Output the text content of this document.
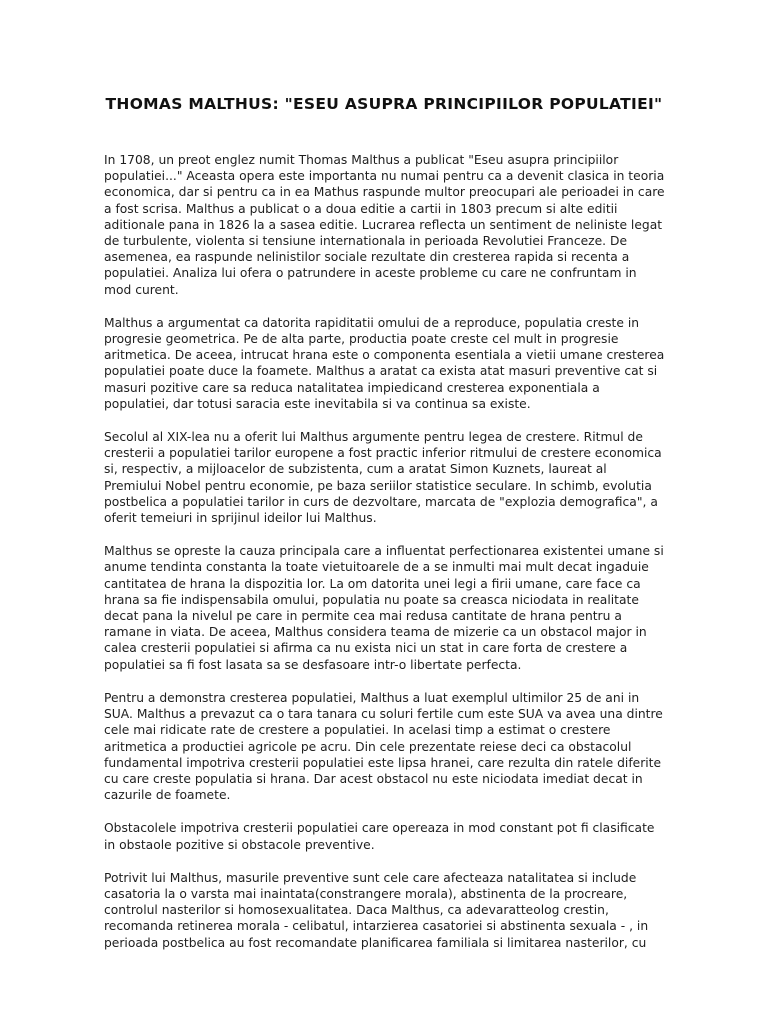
THOMAS MALTHUS: "ESEU ASUPRA PRINCIPIILOR POPULATIEI"

In 1708, un preot englez numit Thomas Malthus a publicat "Eseu asupra principiilor populatiei..." Aceasta opera este importanta nu numai pentru ca a devenit clasica in teoria economica, dar si pentru ca in ea Mathus raspunde multor preocupari ale perioadei in care a fost scrisa. Malthus a publicat o a doua editie a cartii in 1803 precum si alte editii aditionale pana in 1826 la a sasea editie. Lucrarea reflecta un sentiment de neliniste legat de turbulente, violenta si tensiune internationala in perioada Revolutiei Franceze. De asemenea, ea raspunde nelinistilor sociale rezultate din cresterea rapida si recenta a populatiei. Analiza lui ofera o patrundere in aceste probleme cu care ne confruntam in mod curent.

Malthus a argumentat ca datorita rapiditatii omului de a reproduce, populatia creste in progresie geometrica. Pe de alta parte, productia poate creste cel mult in progresie aritmetica. De aceea, intrucat hrana este o componenta esentiala a vietii umane cresterea populatiei poate duce la foamete. Malthus a aratat ca exista atat masuri preventive cat si masuri pozitive care sa reduca natalitatea impiedicand cresterea exponentiala a populatiei, dar totusi saracia este inevitabila si va continua sa existe.

Secolul al XIX-lea nu a oferit lui Malthus argumente pentru legea de crestere. Ritmul de cresterii a populatiei tarilor europene a fost practic inferior ritmului de crestere economica si, respectiv, a mijloacelor de subzistenta, cum a aratat Simon Kuznets, laureat al Premiului Nobel pentru economie, pe baza seriilor statistice seculare. In schimb, evolutia postbelica a populatiei tarilor in curs de dezvoltare, marcata de "explozia demografica", a oferit temeiuri in sprijinul ideilor lui Malthus.

Malthus se opreste la cauza principala care a influentat perfectionarea existentei umane si anume tendinta constanta la toate vietuitoarele de a se inmulti mai mult decat ingaduie cantitatea de hrana la dispozitia lor. La om datorita unei legi a firii umane, care face ca hrana sa fie indispensabila omului, populatia nu poate sa creasca niciodata in realitate decat pana la nivelul pe care in permite cea mai redusa cantitate de hrana pentru a ramane in viata. De aceea, Malthus considera teama de mizerie ca un obstacol major in calea cresterii populatiei si afirma ca nu exista nici un stat in care forta de crestere a populatiei sa fi fost lasata sa se desfasoare intr-o libertate perfecta.

Pentru a demonstra cresterea populatiei, Malthus a luat exemplul ultimilor 25 de ani in SUA. Malthus a prevazut ca o tara tanara cu soluri fertile cum este SUA va avea una dintre cele mai ridicate rate de crestere a populatiei. In acelasi timp a estimat o crestere aritmetica a productiei agricole pe acru. Din cele prezentate reiese deci ca obstacolul fundamental impotriva cresterii populatiei este lipsa hranei, care rezulta din ratele diferite cu care creste populatia si hrana. Dar acest obstacol nu este niciodata imediat decat in cazurile de foamete.

Obstacolele impotriva cresterii populatiei care opereaza in mod constant pot fi clasificate in obstaole pozitive si obstacole preventive.

Potrivit lui Malthus, masurile preventive sunt cele care afecteaza natalitatea si include casatoria la o varsta mai inaintata(constrangere morala), abstinenta de la procreare, controlul nasterilor si homosexualitatea. Daca Malthus, ca adevaratteolog crestin, recomanda retinerea morala - celibatul, intarzierea casatoriei si abstinenta sexuala - , in perioada postbelica au fost recomandate planificarea familiala si limitarea nasterilor, cu
